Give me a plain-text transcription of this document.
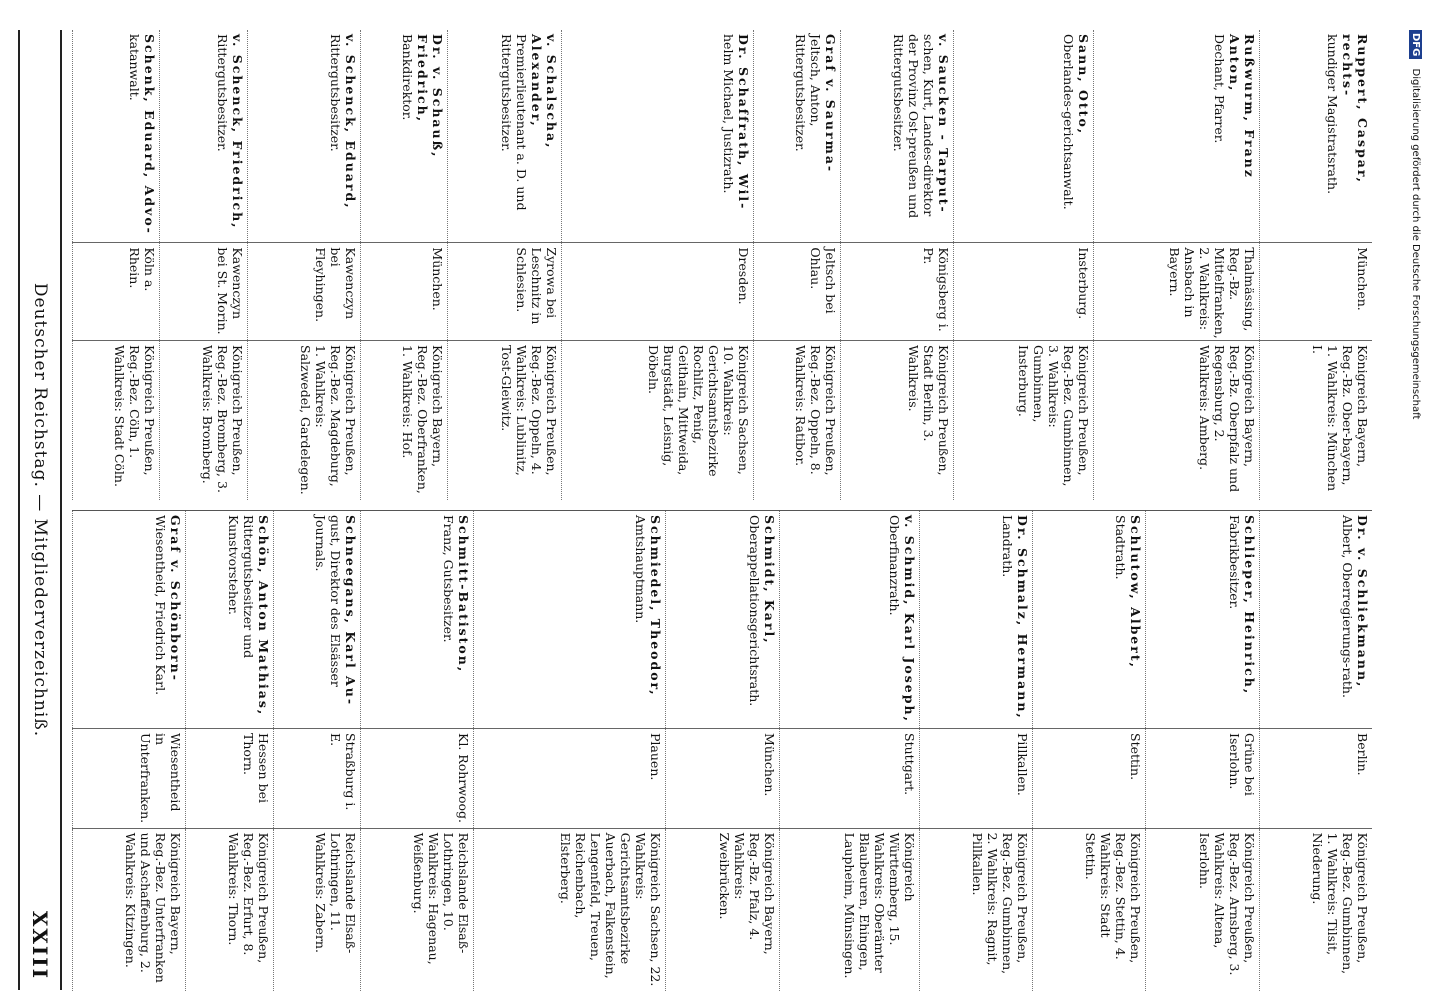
Deutscher Reichstag. — Mitgliederverzeichniß.
XXIII
Ruppert, Caspar, rechts-
kundiger Magistratsrath.	München.	Königreich Bayern, Reg.-Bz. Ober-bayern, 1. Wahlkreis: München I.
Rußwurm, Franz Anton,
Dechant, Pfarrer.	Thalmässing, Reg.-Bz. Mittelfranken, 2. Wahlkreis: Ansbach in Bayern.	Königreich Bayern, Reg.-Bz. Oberpfalz und Regensburg, 2. Wahlkreis: Amberg.
Sann, Otto,
Oberlandes-gerichtsanwalt.	Insterburg.	Königreich Preußen, Reg.-Bez. Gumbinnen, 3. Wahlkreis: Gumbinnen, Insterburg.
v. Saucken - Tarput-
schen, Kurt, Landes-direktor der Provinz Ost-preußen und Rittergutsbesitzer.	Königsberg i. Pr.	Königreich Preußen, Stadt Berlin, 3. Wahlkreis.
Graf v. Saurma-
Jeltsch, Anton, Rittergutsbesitzer.	Jeltsch bei Ohlau.	Königreich Preußen, Reg.-Bez. Oppeln, 8. Wahlkreis: Ratibor.
Dr. Schaffrath, Wil-
helm Michael, Justizrath.	Dresden.	Königreich Sachsen, 10. Wahlkreis: Gerichtsamtsbezirke Rochlitz, Penig, Geithain, Mittweida, Burgstädt, Leisnig, Döbeln.
v. Schalscha, Alexander,
Premierlieutenant a. D. und Rittergutsbesitzer.	Zyrowa bei Leschnitz in Schlesien.	Königreich Preußen, Reg.-Bez. Oppeln, 4. Wahlkreis: Lublinitz, Tost-Gleiwitz.
Dr. v. Schauß, Friedrich,
Bankdirektor.	München.	Königreich Bayern, Reg.-Bez. Oberfranken, 1. Wahlkreis: Hof.
v. Schenck, Eduard,
Rittergutsbesitzer.	Kawenczyn bei Fleyhingen.	Königreich Preußen, Reg.-Bez. Magdeburg, 1. Wahlkreis: Salzwedel, Gardelegen.
v. Schenck, Friedrich,
Rittergutsbesitzer.	Kawenczyn bei St. Morin.	Königreich Preußen, Reg.-Bez. Bromberg, 3. Wahlkreis: Bromberg.
Schenk, Eduard, Advo-
katanwalt.	Köln a. Rhein.	Königreich Preußen, Reg.-Bez. Cöln, 1. Wahlkreis: Stadt Cöln.
Dr. v. Schliekmann,
Albert, Oberregierungs-rath.	Berlin.	Königreich Preußen, Reg.-Bez. Gumbinnen, 1. Wahlkreis: Tilsit, Niederung.
Schlieper, Heinrich,
Fabrikbesitzer.	Grüne bei Iserlohn.	Königreich Preußen, Reg.-Bez. Arnsberg, 3. Wahlkreis: Altena, Iserlohn.
Schlutow, Albert,
Stadtrath.	Stettin.	Königreich Preußen, Reg.-Bez. Stettin, 4. Wahlkreis: Stadt Stettin.
Dr. Schmalz, Hermann,
Landrath.	Pillkallen.	Königreich Preußen, Reg.-Bez. Gumbinnen, 2. Wahlkreis: Ragnit, Pillkallen.
v. Schmid, Karl Joseph,
Oberfinanzrath.	Stuttgart.	Königreich Württemberg, 15. Wahlkreis: Oberämter Blaubeuren, Ehingen, Laupheim, Münsingen.
Schmidt, Karl,
Oberappellationsgerichtsrath.	München.	Königreich Bayern, Reg.-Bz. Pfalz, 4. Wahlkreis: Zweibrücken.
Schmiedel, Theodor,
Amtshauptmann.	Plauen.	Königreich Sachsen, 22. Wahlkreis: Gerichtsamtsbezirke Auerbach, Falkenstein, Lengenfeld, Treuen, Reichenbach, Elsterberg.
Schmitt-Batiston,
Franz, Gutsbesitzer.	Kl. Rohrwoog.	Reichslande Elsaß-Lothringen, 10. Wahlkreis: Hagenau, Weißenburg.
Schneegans, Karl Au-
gust, Direktor des Elsässer Journals.	Straßburg i. E.	Reichslande Elsaß-Lothringen, 11. Wahlkreis: Zabern.
Schön, Anton Mathias,
Rittergutsbesitzer und Kunstvorsteher.	Hessen bei Thorn.	Königreich Preußen, Reg.-Bez. Erfurt, 8. Wahlkreis: Thorn.
Graf v. Schönborn-
Wiesentheid, Friedrich Karl.	Wiesentheid in Unterfranken.	Königreich Bayern, Reg.-Bez. Unterfranken und Aschaffenburg, 2. Wahlkreis: Kitzingen.
DFG Digitalisierung gefördert durch die Deutsche Forschungsgemeinschaft
